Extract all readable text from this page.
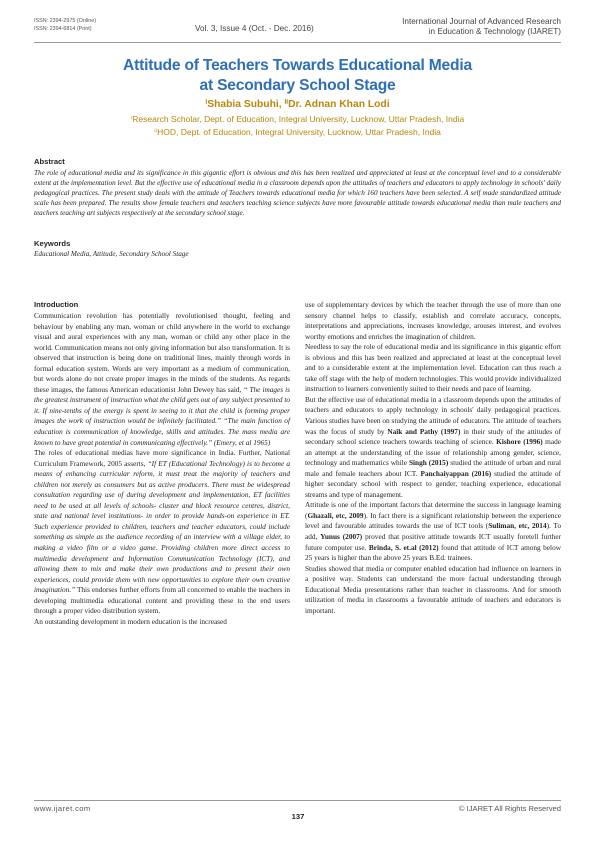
ISSN: 2394-2975 (Online)
ISSN: 2394-6814 (Print)	Vol. 3, Issue 4 (Oct. - Dec. 2016)
International Journal of Advanced Research
in Education & Technology (IJARET)
Attitude of Teachers Towards Educational Media
at Secondary School Stage
ⁱShabia Subuhi, ⁱⁱDr. Adnan Khan Lodi
ⁱResearch Scholar, Dept. of Education, Integral University, Lucknow, Uttar Pradesh, India
ⁱⁱHOD, Dept. of Education, Integral University, Lucknow, Uttar Pradesh, India
Abstract
The role of educational media and its significance in this gigantic effort is obvious and this has been realized and appreciated at least at the conceptual level and to a considerable extent at the implementation level. But the effective use of educational media in a classroom depends upon the attitudes of teachers and educators to apply technology in schools' daily pedagogical practices. The present study deals with the attitude of Teachers towards educational media for which 160 teachers have been selected. A self made standardized attitude scale has been prepared. The results show female teachers and teachers teaching science subjects have more favourable attitude towards educational media than male teachers and teachers teaching art subjects respectively at the secondary school stage.
Keywords
Educational Media, Attitude, Secondary School Stage
Introduction

Communication revolution has potentially revolutionised thought, feeling and behaviour by enabling any man, woman or child anywhere in the world to exchange visual and aural experiences with any man, woman or child any other place in the world. Communication means not only giving information but also transformation. It is observed that instruction is being done on traditional lines, mainly through words in formal education system. Words are very important as a medium of communication, but words alone do not create proper images in the minds of the students. As regards these images, the famous American educationist John Dewey has said, “ The images is the greatest instrument of instruction what the child gets out of any subject presented to it. If nine-tenths of the energy is spent in seeing to it that the child is forming proper images the work of instruction would be infinitely facilitated.” “The main function of education is communication of knowledge, skills and attitudes. The mass media are known to have great potential in communicating effectively.” (Emery, et al 1965)

The roles of educational medias have more significance in India. Further, National Curriculum Framework, 2005 asserts, “If ET (Educational Technology) is to become a means of enhancing curricular reform, it must treat the majority of teachers and children not merely as consumers but as active producers. There must be widespread consultation regarding use of during development and implementation, ET facilities need to be used at all levels of schools- cluster and block resource centres, district, state and national level institutions- in order to provide hands-on experience in ET. Such experience provided to children, teachers and teacher educators, could include something as simple as the audience recording of an interview with a village elder, to making a video film or a video game. Providing children more direct access to multimedia development and Information Communication Technology (ICT), and allowing them to mix and make their own productions and to present their own experiences, could provide them with new opportunities to explore their own creative imagination.” This endorses further efforts from all concerned to enable the teachers in developing multimedia educational content and providing these to the end users through a proper video distribution system.

An outstanding development in modern education is the increased

use of supplementary devices by which the teacher through the use of more than one sensory channel helps to classify, establish and correlate accuracy, concepts, interpretations and appreciations, increases knowledge, arouses interest, and evolves worthy emotions and enriches the imagination of children.

Needless to say the role of educational media and its significance in this gigantic effort is obvious and this has been realized and appreciated at least at the conceptual level and to a considerable extent at the implementation level. Education can thus reach a take off stage with the help of modern technologies. This would provide individualized instruction to learners conveniently suited to their needs and pace of learning.

But the effective use of educational media in a classroom depends upon the attitudes of teachers and educators to apply technology in schools' daily pedagogical practices. Various studies have been on studying the attitude of educators. The attitude of teachers was the focus of study by Naik and Pathy (1997) in their study of the attitudes of secondary school science teachers towards teaching of science. Kishore (1996) made an attempt at the understanding of the issue of relationship among gender, science, technology and mathematics while Singh (2015) studied the attitude of urban and rural male and female teachers about ICT. Panchaiyappan (2016) studied the attitude of higher secondary school with respect to gender, teaching experience, educational streams and type of management.

Attitude is one of the important factors that determine the success in language learning (Ghazali, etc, 2009). In fact there is a significant relationship between the experience level and favourable attitudes towards the use of ICT tools (Suliman, etc, 2014). To add, Yunus (2007) proved that positive attitude towards ICT usually foretell further future computer use. Brinda, S. et.al (2012) found that attitude of ICT among below 25 years is higher than the above 25 years B.Ed. trainees.

Studies showed that media or computer enabled education had influence on learners in a positive way. Students can understand the more factual understanding through Educational Media presentations rather than teacher in classrooms. And for smooth utilization of media in classrooms a favourable attitude of teachers and educators is important.

www.ijaret.com
137
© IJARET All Rights Reserved
